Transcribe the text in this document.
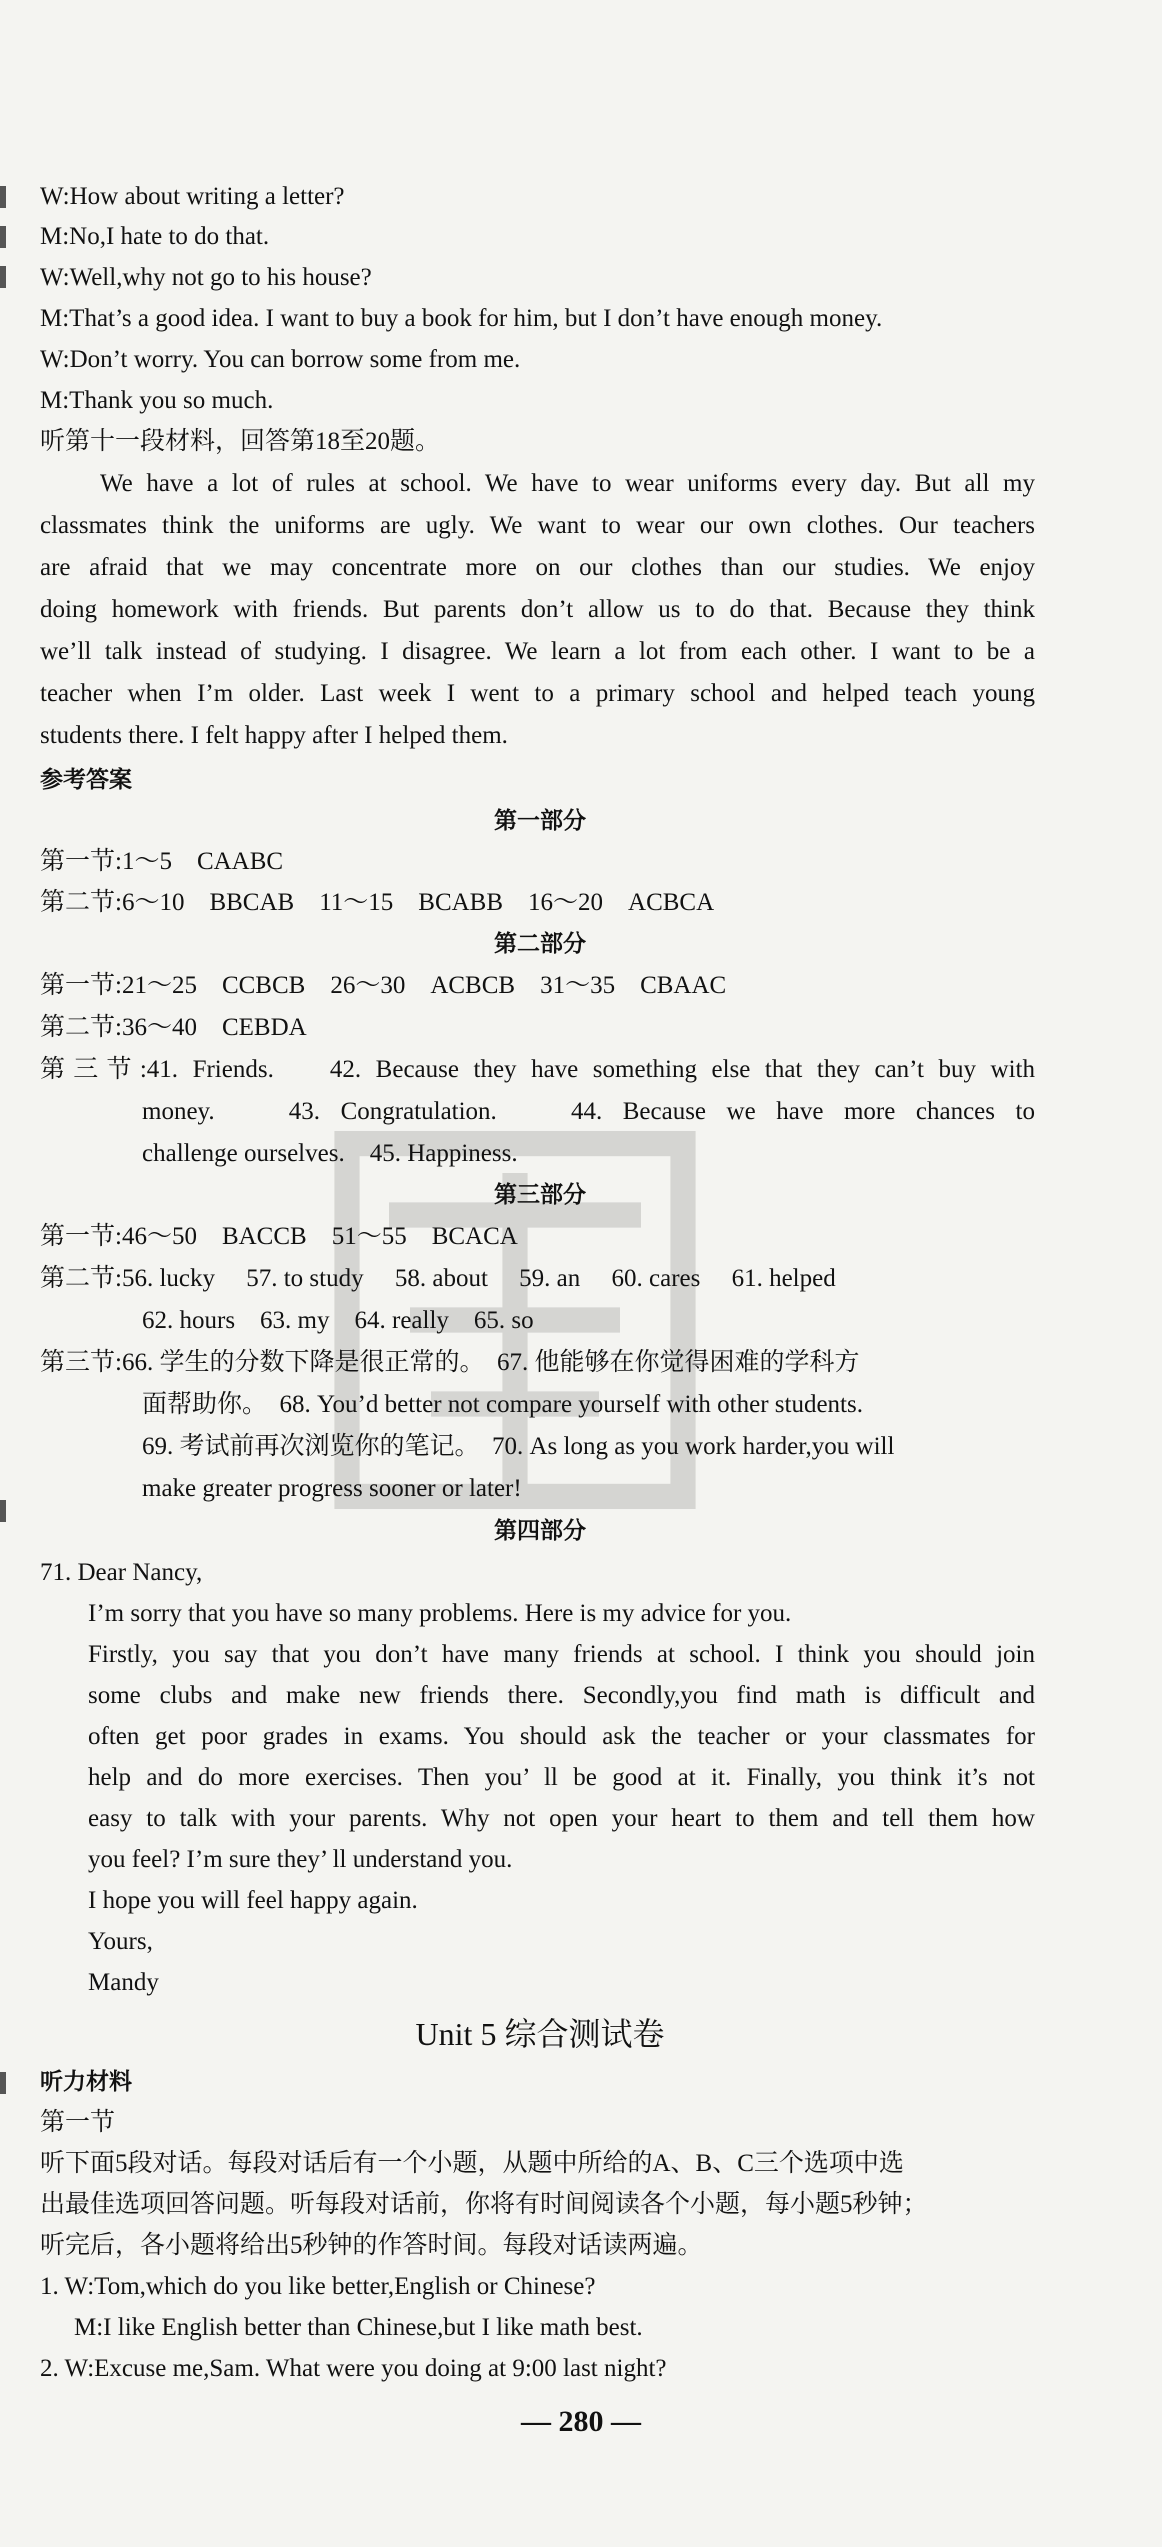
W:How about writing a letter?
M:No,I hate to do that.
W:Well,why not go to his house?
M:That’s a good idea. I want to buy a book for him, but I don’t have enough money.
W:Don’t worry. You can borrow some from me.
M:Thank you so much.
听第十一段材料，回答第18至20题。
We have a lot of rules at school. We have to wear uniforms every day. But all my
classmates think the uniforms are ugly. We want to wear our own clothes. Our teachers
are afraid that we may concentrate more on our clothes than our studies. We enjoy
doing homework with friends. But parents don’t allow us to do that. Because they think
we’ll talk instead of studying. I disagree. We learn a lot from each other. I want to be a
teacher when I’m older. Last week I went to a primary school and helped teach young
students there. I felt happy after I helped them.
参考答案
第一部分
第一节:1～5　CAABC
第二节:6～10　BBCAB　11～15　BCABB　16～20　ACBCA
第二部分
第一节:21～25　CCBCB　26～30　ACBCB　31～35　CBAAC
第二节:36～40　CEBDA
第三节:41. Friends.　 42. Because they have something else that they can’t buy with
money.　 43. Congratulation.　 44. Because we have more chances to
challenge ourselves.　45. Happiness.
第三部分
第一节:46～50　BACCB　51～55　BCACA
第二节:56. lucky　 57. to study　 58. about　 59. an　 60. cares　 61. helped
62. hours　63. my　64. really　65. so
第三节:66. 学生的分数下降是很正常的。　67. 他能够在你觉得困难的学科方
面帮助你。　68. You’d better not compare yourself with other students.
69. 考试前再次浏览你的笔记。　70. As long as you work harder,you will
make greater progress sooner or later!
第四部分
71. Dear Nancy,
I’m sorry that you have so many problems. Here is my advice for you.
Firstly, you say that you don’t have many friends at school. I think you should join
some clubs and make new friends there. Secondly,you find math is difficult and
often get poor grades in exams. You should ask the teacher or your classmates for
help and do more exercises. Then you’ ll be good at it. Finally, you think it’s not
easy to talk with your parents. Why not open your heart to them and tell them how
you feel? I’m sure they’ ll understand you.
I hope you will feel happy again.
Yours,
Mandy
Unit 5 综合测试卷
听力材料
第一节
听下面5段对话。每段对话后有一个小题，从题中所给的A、B、C三个选项中选
出最佳选项回答问题。听每段对话前，你将有时间阅读各个小题，每小题5秒钟；
听完后，各小题将给出5秒钟的作答时间。每段对话读两遍。
1. W:Tom,which do you like better,English or Chinese?
M:I like English better than Chinese,but I like math best.
2. W:Excuse me,Sam. What were you doing at 9:00 last night?
— 280 —
